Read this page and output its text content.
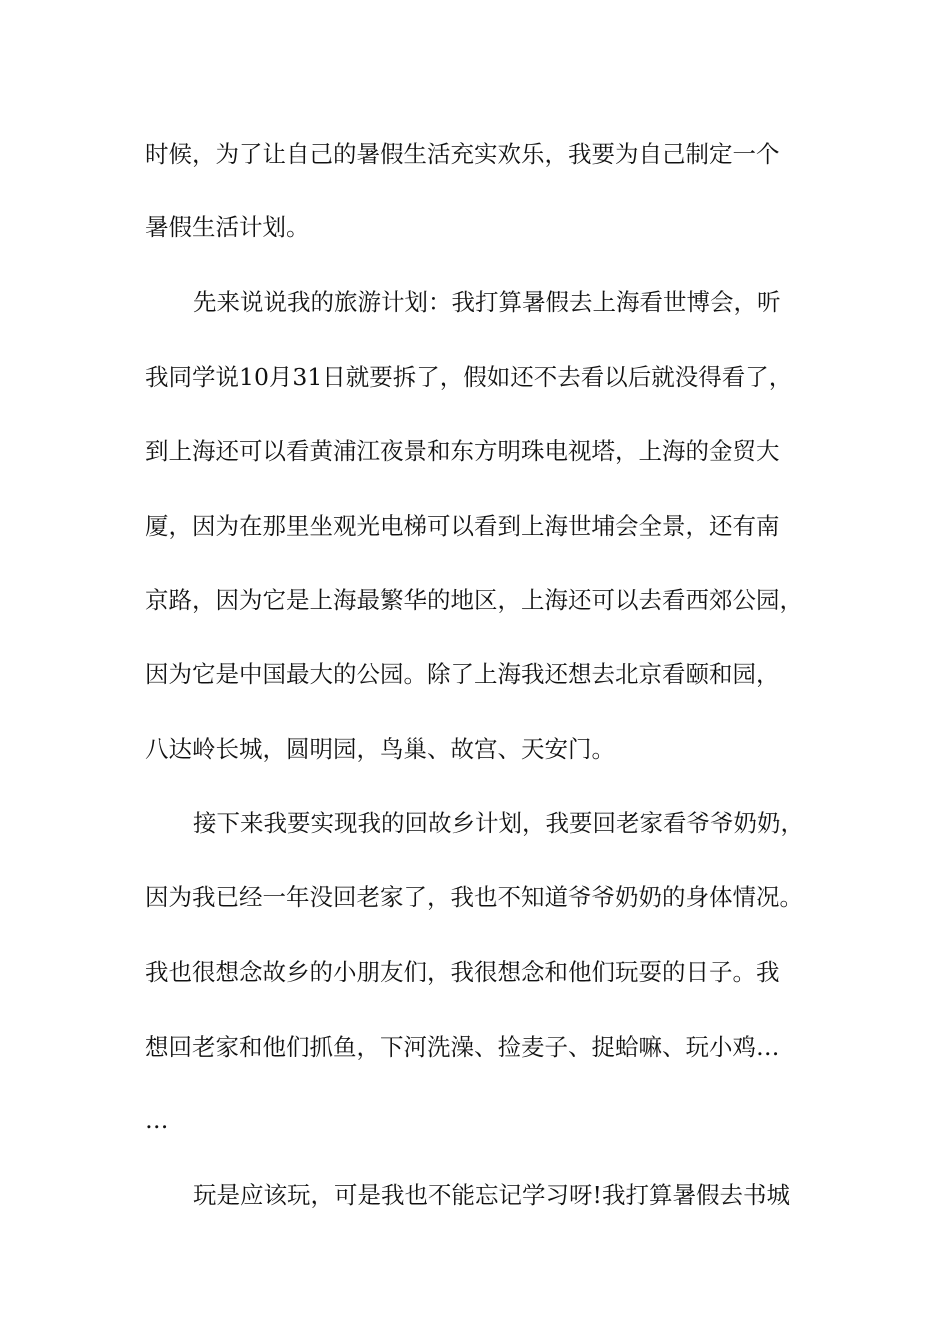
时候，为了让自己的暑假生活充实欢乐，我要为自己制定一个

暑假生活计划。

先来说说我的旅游计划：我打算暑假去上海看世博会，听

我同学说10月31日就要拆了，假如还不去看以后就没得看了，

到上海还可以看黄浦江夜景和东方明珠电视塔，上海的金贸大

厦，因为在那里坐观光电梯可以看到上海世埔会全景，还有南

京路，因为它是上海最繁华的地区，上海还可以去看西郊公园，

因为它是中国最大的公园。除了上海我还想去北京看颐和园，

八达岭长城，圆明园，鸟巢、故宫、天安门。

接下来我要实现我的回故乡计划，我要回老家看爷爷奶奶，

因为我已经一年没回老家了，我也不知道爷爷奶奶的身体情况。

我也很想念故乡的小朋友们，我很想念和他们玩耍的日子。我

想回老家和他们抓鱼，下河洗澡、捡麦子、捉蛤嘛、玩小鸡…

…

玩是应该玩，可是我也不能忘记学习呀!我打算暑假去书城
